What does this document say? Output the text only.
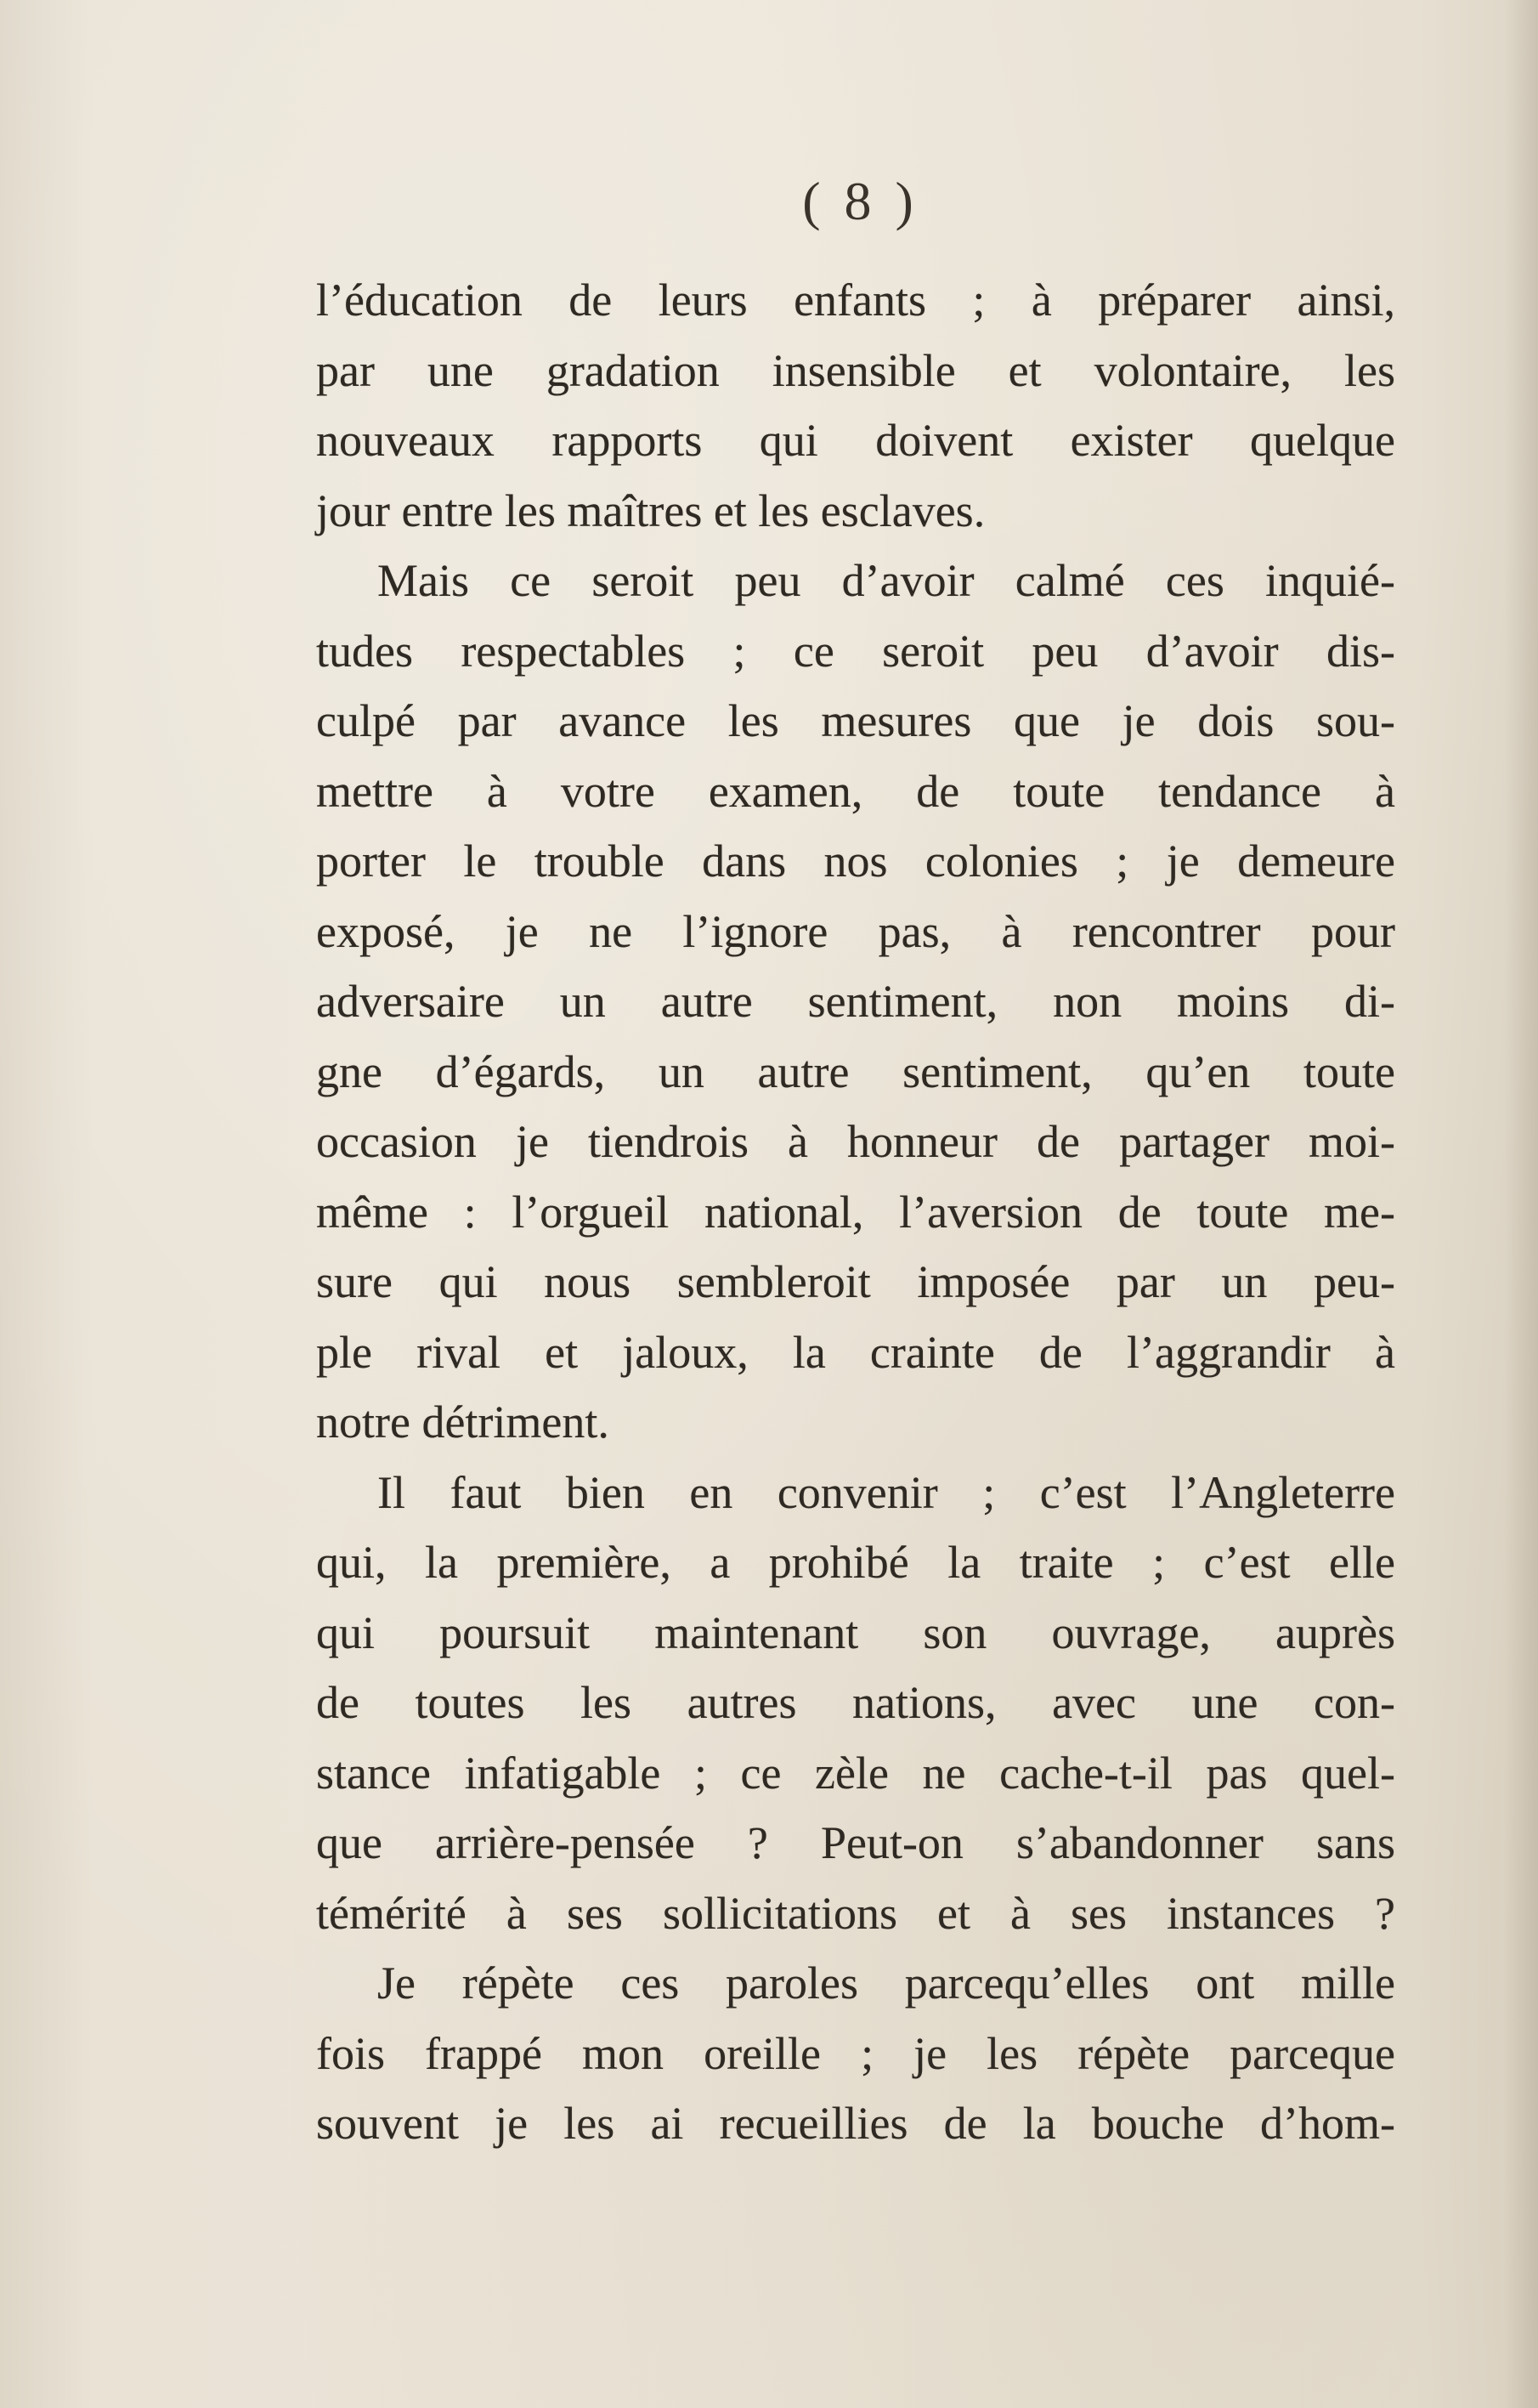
( 8 )
l’éducation de leurs enfants ; à préparer ainsi,
par une gradation insensible et volontaire, les
nouveaux rapports qui doivent exister quelque
jour entre les maîtres et les esclaves.
Mais ce seroit peu d’avoir calmé ces inquié-
tudes respectables ; ce seroit peu d’avoir dis-
culpé par avance les mesures que je dois sou-
mettre à votre examen, de toute tendance à
porter le trouble dans nos colonies ; je demeure
exposé, je ne l’ignore pas, à rencontrer pour
adversaire un autre sentiment, non moins di-
gne d’égards, un autre sentiment, qu’en toute
occasion je tiendrois à honneur de partager moi-
même : l’orgueil national, l’aversion de toute me-
sure qui nous sembleroit imposée par un peu-
ple rival et jaloux, la crainte de l’aggrandir à
notre détriment.
Il faut bien en convenir ; c’est l’Angleterre
qui, la première, a prohibé la traite ; c’est elle
qui poursuit maintenant son ouvrage, auprès
de toutes les autres nations, avec une con-
stance infatigable ; ce zèle ne cache-t-il pas quel-
que arrière-pensée ? Peut-on s’abandonner sans
témérité à ses sollicitations et à ses instances ?
Je répète ces paroles parcequ’elles ont mille
fois frappé mon oreille ; je les répète parceque
souvent je les ai recueillies de la bouche d’hom-
